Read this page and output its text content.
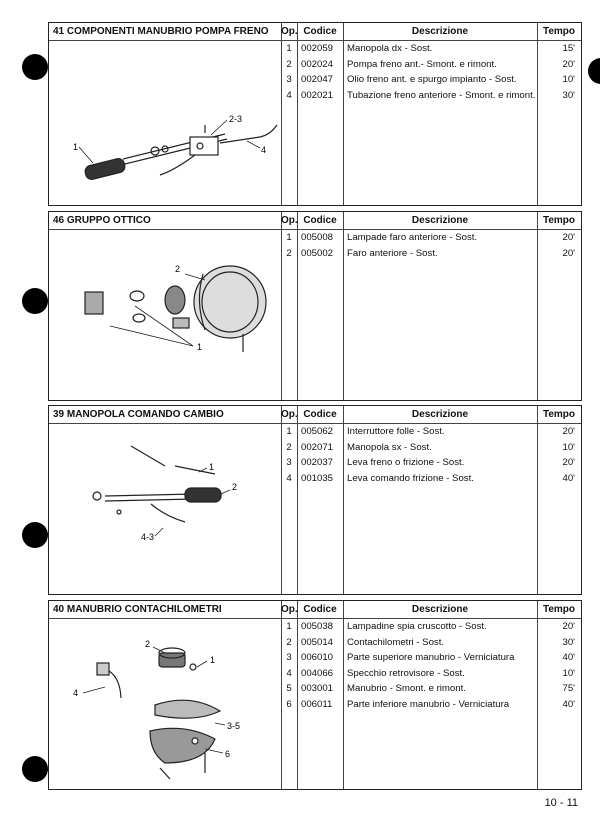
41 COMPONENTI MANUBRIO POMPA FRENO Op. Codice	Descrizione	Tempo
1 002059 Manopola dx - Sost.	15'
2 002024 Pompa freno ant.- Smont. e rimont.	20'
3 002047 Olio freno ant. e spurgo impianto - Sost.	10'
4 002021 Tubazione freno anteriore - Smont. e rimont.	30'
1
2-3
4
46 GRUPPO OTTICO	Op. Codice	Descrizione	Tempo
1 005008 Lampade faro anteriore - Sost.	20'
2 005002 Faro anteriore - Sost.	20'
2
1
39 MANOPOLA COMANDO CAMBIO	Op. Codice	Descrizione	Tempo
1 005062 Interruttore folle - Sost.	20'
2 002071 Manopola sx - Sost.	10'
3 002037 Leva freno o frizione - Sost.	20'
4 001035 Leva comando frizione - Sost.	40'
1
2
4-3
40 MANUBRIO CONTACHILOMETRI	Op. Codice	Descrizione	Tempo
1 005038 Lampadine spia cruscotto - Sost.	20'
2 005014 Contachilometri - Sost.	30'
3 006010 Parte superiore manubrio - Verniciatura	40'
4 004066 Specchio retrovisore - Sost.	10'
5 003001 Manubrio - Smont. e rimont.	75'
6 006011 Parte inferiore manubrio - Verniciatura	40'
2
1
4
3-5
6
10 - 11
